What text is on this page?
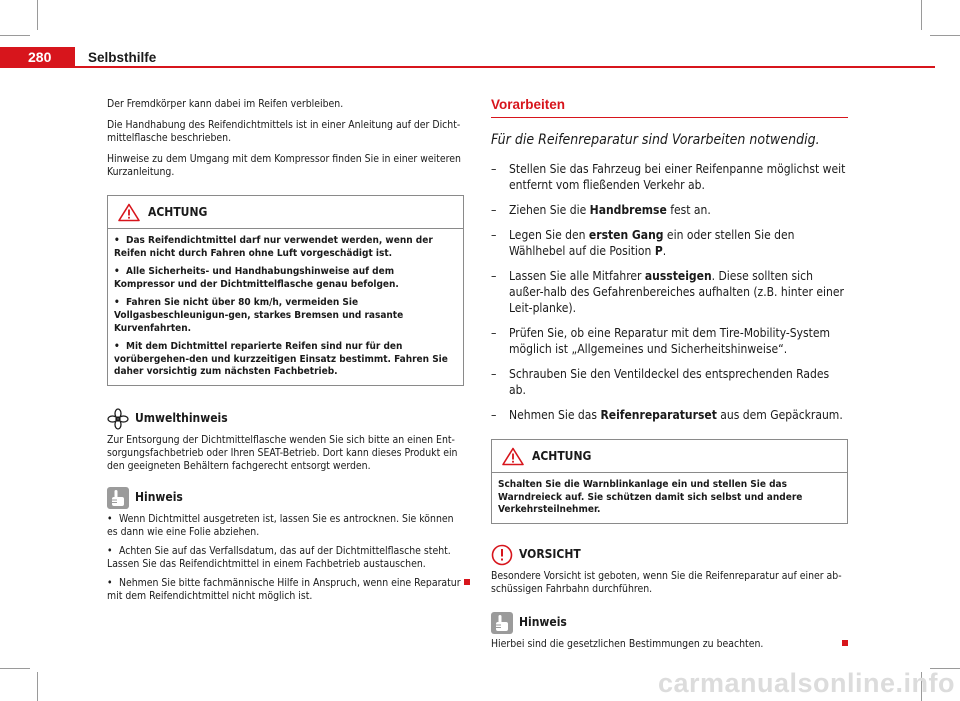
280	Selbsthilfe

Der Fremdkörper kann dabei im Reifen verbleiben.

Die Handhabung des Reifendichtmittels ist in einer Anleitung auf der Dicht-mittelflasche beschrieben.

Hinweise zu dem Umgang mit dem Kompressor finden Sie in einer weiteren Kurzanleitung.

ACHTUNG
• Das Reifendichtmittel darf nur verwendet werden, wenn der Reifen nicht durch Fahren ohne Luft vorgeschädigt ist.
• Alle Sicherheits- und Handhabungshinweise auf dem Kompressor und der Dichtmittelflasche genau befolgen.
• Fahren Sie nicht über 80 km/h, vermeiden Sie Vollgasbeschleunigun-gen, starkes Bremsen und rasante Kurvenfahrten.
• Mit dem Dichtmittel reparierte Reifen sind nur für den vorübergehen-den und kurzzeitigen Einsatz bestimmt. Fahren Sie daher vorsichtig zum nächsten Fachbetrieb.
Umwelthinweis

Zur Entsorgung der Dichtmittelflasche wenden Sie sich bitte an einen Ent-sorgungsfachbetrieb oder Ihren SEAT-Betrieb. Dort kann dieses Produkt ein den geeigneten Behältern fachgerecht entsorgt werden.

Hinweis

• Wenn Dichtmittel ausgetreten ist, lassen Sie es antrocknen. Sie können es dann wie eine Folie abziehen.

• Achten Sie auf das Verfallsdatum, das auf der Dichtmittelflasche steht. Lassen Sie das Reifendichtmittel in einem Fachbetrieb austauschen.

• Nehmen Sie bitte fachmännische Hilfe in Anspruch, wenn eine Reparatur mit dem Reifendichtmittel nicht möglich ist.

Vorarbeiten
Für die Reifenreparatur sind Vorarbeiten notwendig.
–	Stellen Sie das Fahrzeug bei einer Reifenpanne möglichst weit entfernt vom fließenden Verkehr ab.
–	Ziehen Sie die Handbremse fest an.
–	Legen Sie den ersten Gang ein oder stellen Sie den Wählhebel auf die Position P.
–	Lassen Sie alle Mitfahrer aussteigen. Diese sollten sich außer-halb des Gefahrenbereiches aufhalten (z.B. hinter einer Leit-planke).
–	Prüfen Sie, ob eine Reparatur mit dem Tire-Mobility-System möglich ist „Allgemeines und Sicherheitshinweise“.
–	Schrauben Sie den Ventildeckel des entsprechenden Rades ab.
–	Nehmen Sie das Reifenreparaturset aus dem Gepäckraum.
ACHTUNG
Schalten Sie die Warnblinkanlage ein und stellen Sie das Warndreieck auf. Sie schützen damit sich selbst und andere Verkehrsteilnehmer.
VORSICHT

Besondere Vorsicht ist geboten, wenn Sie die Reifenreparatur auf einer ab-schüssigen Fahrbahn durchführen.

Hinweis

Hierbei sind die gesetzlichen Bestimmungen zu beachten.

carmanualsonline.info
